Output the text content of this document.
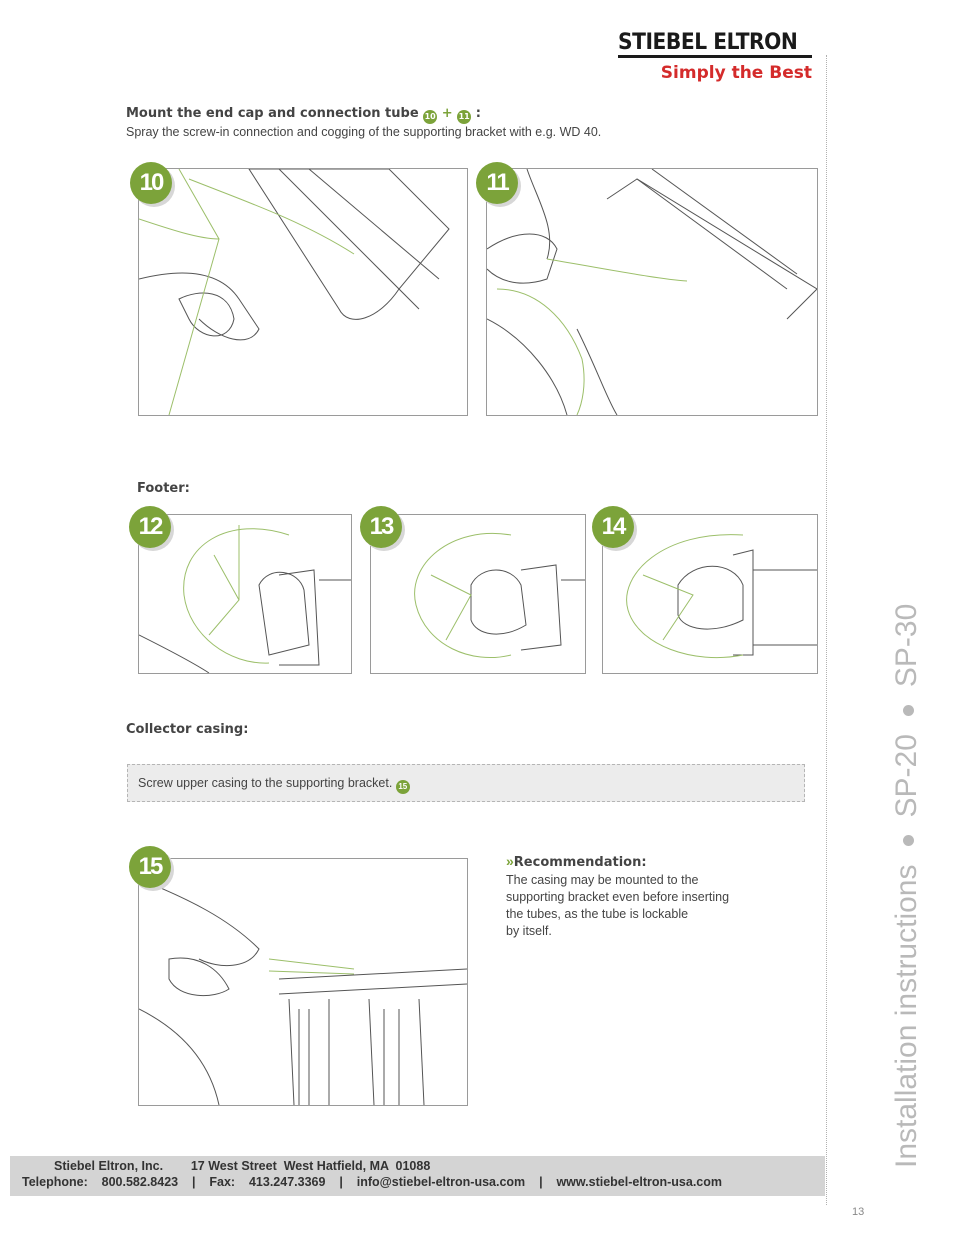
STIEBEL ELTRON
Simply the Best
Installation instructionsSP-20SP-30
Mount the end cap and connection tube 10 + 11 :
Spray the screw-in connection and cogging of the supporting bracket with e.g. WD 40.
10	11
Footer:
12	13	14
Collector casing:
Screw upper casing to the supporting bracket. 15
15	»Recommendation:
The casing may be mounted to the
supporting bracket even before inserting
the tubes, as the tube is lockable
by itself.
Stiebel Eltron, Inc.        17 West Street  West Hatfield, MA  01088
Telephone:    800.582.8423    |    Fax:    413.247.3369    |    info@stiebel-eltron-usa.com    |    www.stiebel-eltron-usa.com
13
